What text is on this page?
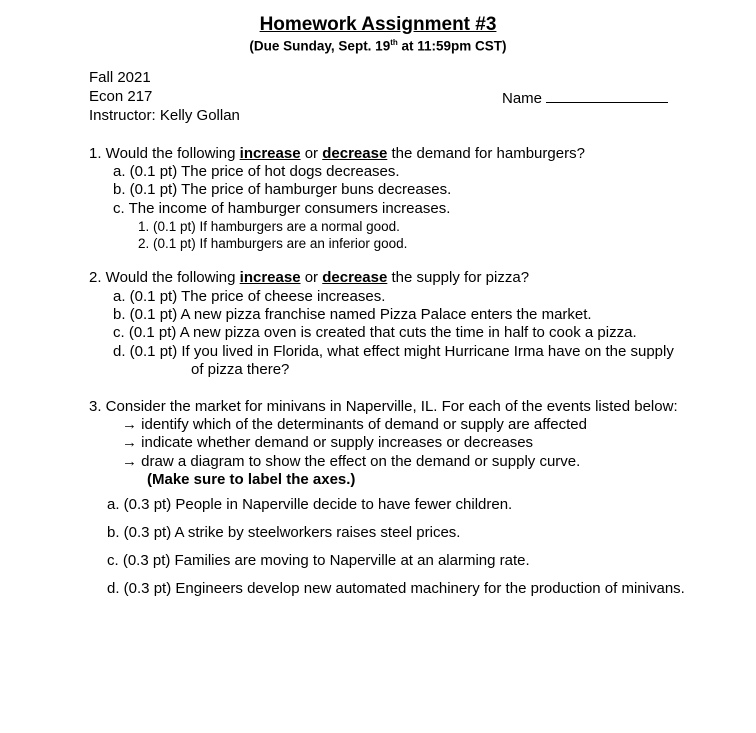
Homework Assignment #3
(Due Sunday, Sept. 19th at 11:59pm CST)
Fall 2021
Econ 217
Instructor: Kelly Gollan
Name
1. Would the following increase or decrease the demand for hamburgers?
a. (0.1 pt) The price of hot dogs decreases.
b. (0.1 pt) The price of hamburger buns decreases.
c. The income of hamburger consumers increases.
1. (0.1 pt) If hamburgers are a normal good.
2. (0.1 pt) If hamburgers are an inferior good.
2. Would the following increase or decrease the supply for pizza?
a. (0.1 pt) The price of cheese increases.
b. (0.1 pt) A new pizza franchise named Pizza Palace enters the market.
c. (0.1 pt) A new pizza oven is created that cuts the time in half to cook a pizza.
d. (0.1 pt) If you lived in Florida, what effect might Hurricane Irma have on the supply
of pizza there?
3. Consider the market for minivans in Naperville, IL. For each of the events listed below:
→ identify which of the determinants of demand or supply are affected
→ indicate whether demand or supply increases or decreases
→ draw a diagram to show the effect on the demand or supply curve.
(Make sure to label the axes.)
a. (0.3 pt) People in Naperville decide to have fewer children.
b. (0.3 pt) A strike by steelworkers raises steel prices.
c. (0.3 pt) Families are moving to Naperville at an alarming rate.
d. (0.3 pt) Engineers develop new automated machinery for the production of minivans.
